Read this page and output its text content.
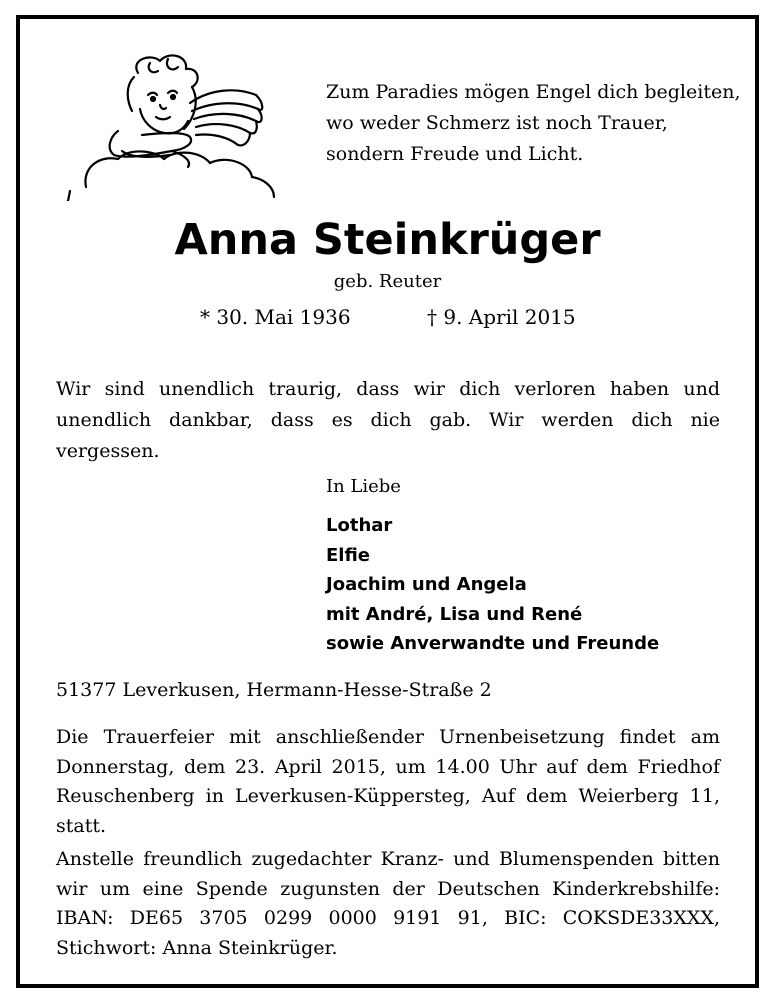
Zum Paradies mögen Engel dich begleiten,
wo weder Schmerz ist noch Trauer,
sondern Freude und Licht.
Anna Steinkrüger
geb. Reuter
* 30. Mai 1936	† 9. April 2015
Wir sind unendlich traurig, dass wir dich verloren haben und unendlich dankbar, dass es dich gab. Wir werden dich nie vergessen.
In Liebe
Lothar
Elfie
Joachim und Angela
mit André, Lisa und René
sowie Anverwandte und Freunde
51377 Leverkusen, Hermann-Hesse-Straße 2
Die Trauerfeier mit anschließender Urnenbeisetzung findet am Donnerstag, dem 23. April 2015, um 14.00 Uhr auf dem Friedhof Reuschenberg in Leverkusen-Küppersteg, Auf dem Weierberg 11, statt.
Anstelle freundlich zugedachter Kranz- und Blumenspenden bitten wir um eine Spende zugunsten der Deutschen Kinderkrebshilfe: IBAN: DE65 3705 0299 0000 9191 91, BIC: COKSDE33XXX, Stichwort: Anna Steinkrüger.
